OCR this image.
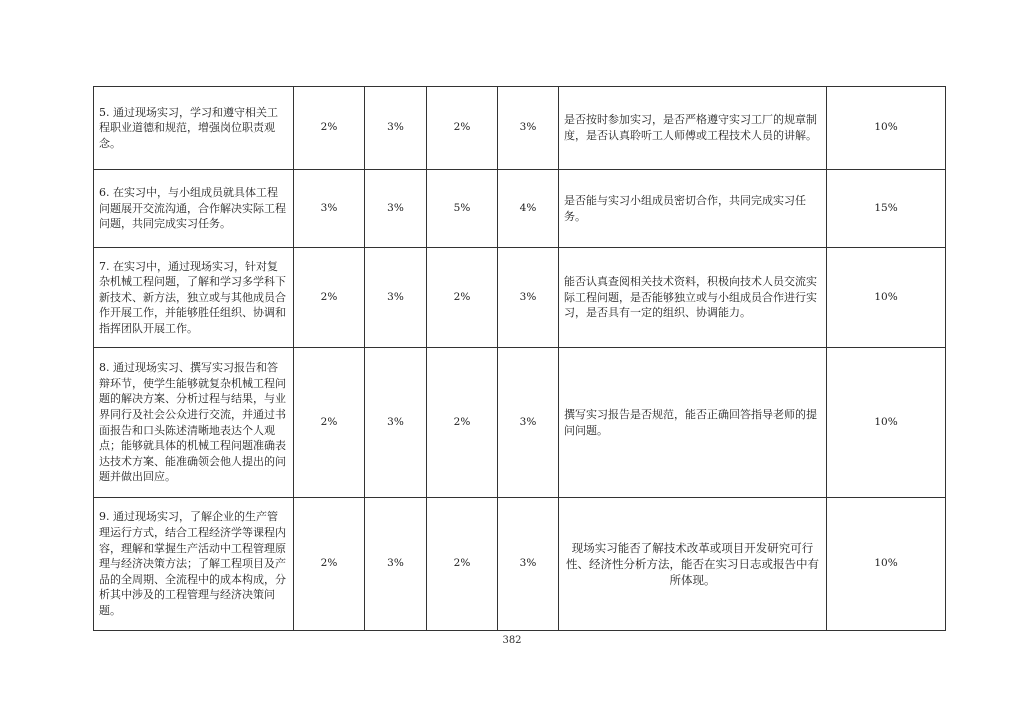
5. 通过现场实习，学习和遵守相关工程职业道德和规范，增强岗位职责观念。	2%	3%	2%	3%	是否按时参加实习，是否严格遵守实习工厂的规章制度，是否认真聆听工人师傅或工程技术人员的讲解。	10%
6. 在实习中，与小组成员就具体工程问题展开交流沟通，合作解决实际工程问题，共同完成实习任务。	3%	3%	5%	4%	是否能与实习小组成员密切合作，共同完成实习任务。	15%
7. 在实习中，通过现场实习，针对复杂机械工程问题，了解和学习多学科下新技术、新方法，独立或与其他成员合作开展工作，并能够胜任组织、协调和指挥团队开展工作。	2%	3%	2%	3%	能否认真查阅相关技术资料，积极向技术人员交流实际工程问题，是否能够独立或与小组成员合作进行实习，是否具有一定的组织、协调能力。	10%
8. 通过现场实习、撰写实习报告和答辩环节，使学生能够就复杂机械工程问题的解决方案、分析过程与结果，与业界同行及社会公众进行交流，并通过书面报告和口头陈述清晰地表达个人观点；能够就具体的机械工程问题准确表达技术方案、能准确领会他人提出的问题并做出回应。	2%	3%	2%	3%	撰写实习报告是否规范，能否正确回答指导老师的提问问题。	10%
9. 通过现场实习，了解企业的生产管理运行方式，结合工程经济学等课程内容，理解和掌握生产活动中工程管理原理与经济决策方法；了解工程项目及产品的全周期、全流程中的成本构成，分析其中涉及的工程管理与经济决策问题。	2%	3%	2%	3%	现场实习能否了解技术改革或项目开发研究可行性、经济性分析方法，能否在实习日志或报告中有所体现。	10%
382
